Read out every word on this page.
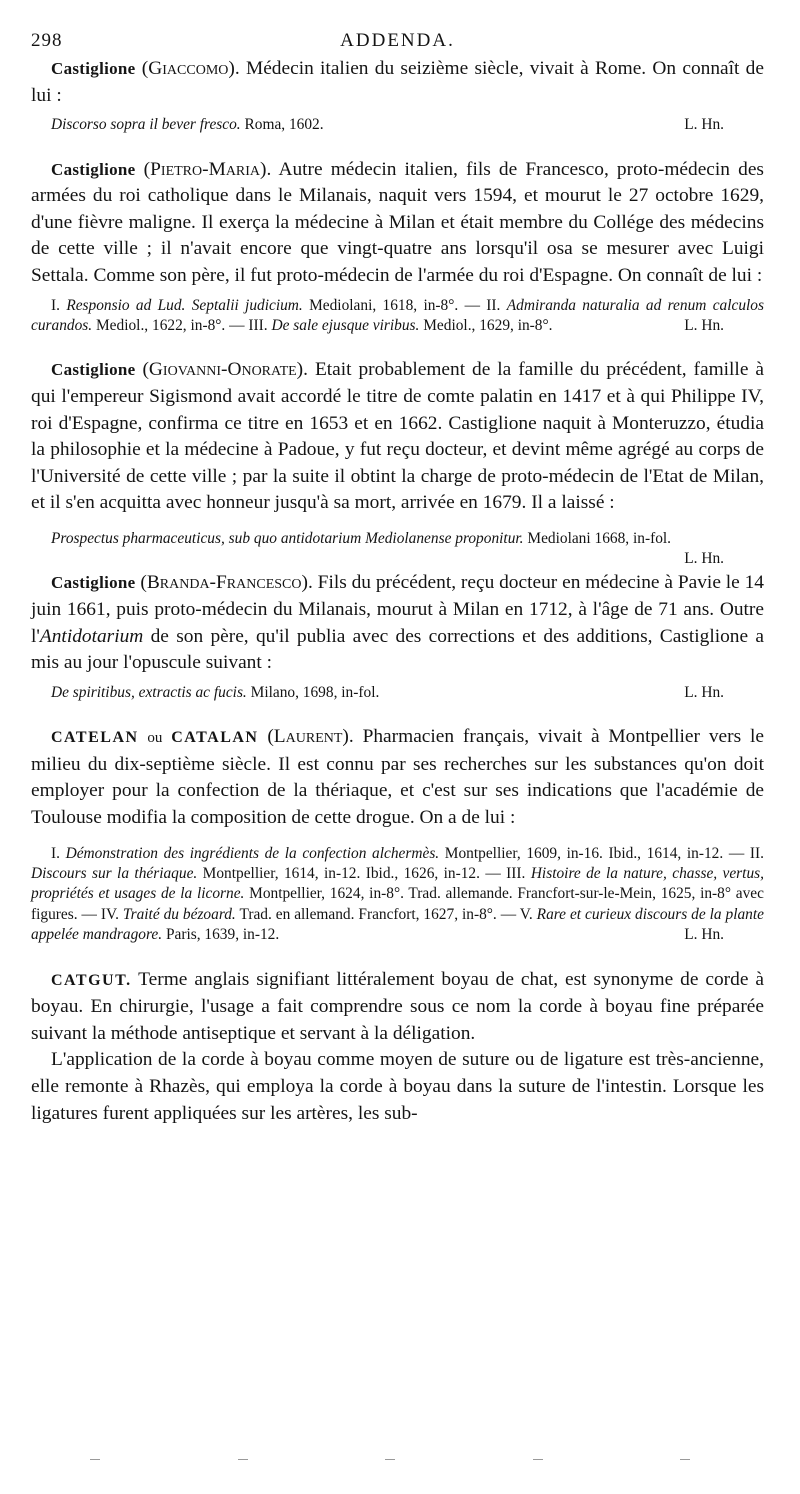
298	ADDENDA.

Castiglione (Giaccomo). Médecin italien du seizième siècle, vivait à Rome. On connaît de lui :

Discorso sopra il bever fresco. Roma, 1602.	L. Hn.

Castiglione (Pietro-Maria). Autre médecin italien, fils de Francesco, proto-médecin des armées du roi catholique dans le Milanais, naquit vers 1594, et mourut le 27 octobre 1629, d'une fièvre maligne. Il exerça la médecine à Milan et était membre du Collége des médecins de cette ville ; il n'avait encore que vingt-quatre ans lorsqu'il osa se mesurer avec Luigi Settala. Comme son père, il fut proto-médecin de l'armée du roi d'Espagne. On connaît de lui :

I. Responsio ad Lud. Septalii judicium. Mediolani, 1618, in-8°. — II. Admiranda naturalia ad renum calculos curandos. Mediol., 1622, in-8°. — III. De sale ejusque viribus. Mediol., 1629, in-8°.	L. Hn.

Castiglione (Giovanni-Onorate). Etait probablement de la famille du précédent, famille à qui l'empereur Sigismond avait accordé le titre de comte palatin en 1417 et à qui Philippe IV, roi d'Espagne, confirma ce titre en 1653 et en 1662. Castiglione naquit à Monteruzzo, étudia la philosophie et la médecine à Padoue, y fut reçu docteur, et devint même agrégé au corps de l'Université de cette ville ; par la suite il obtint la charge de proto-médecin de l'Etat de Milan, et il s'en acquitta avec honneur jusqu'à sa mort, arrivée en 1679. Il a laissé :

Prospectus pharmaceuticus, sub quo antidotarium Mediolanense proponitur. Mediolani 1668, in-fol.
L. Hn.

Castiglione (Branda-Francesco). Fils du précédent, reçu docteur en médecine à Pavie le 14 juin 1661, puis proto-médecin du Milanais, mourut à Milan en 1712, à l'âge de 71 ans. Outre l'Antidotarium de son père, qu'il publia avec des corrections et des additions, Castiglione a mis au jour l'opuscule suivant :

De spiritibus, extractis ac fucis. Milano, 1698, in-fol.	L. Hn.

CATELAN ou CATALAN (Laurent). Pharmacien français, vivait à Montpellier vers le milieu du dix-septième siècle. Il est connu par ses recherches sur les substances qu'on doit employer pour la confection de la thériaque, et c'est sur ses indications que l'académie de Toulouse modifia la composition de cette drogue. On a de lui :

I. Démonstration des ingrédients de la confection alchermès. Montpellier, 1609, in-16. Ibid., 1614, in-12. — II. Discours sur la thériaque. Montpellier, 1614, in-12. Ibid., 1626, in-12. — III. Histoire de la nature, chasse, vertus, propriétés et usages de la licorne. Montpellier, 1624, in-8°. Trad. allemande. Francfort-sur-le-Mein, 1625, in-8° avec figures. — IV. Traité du bézoard. Trad. en allemand. Francfort, 1627, in-8°. — V. Rare et curieux discours de la plante appelée mandragore. Paris, 1639, in-12.	L. Hn.

CATGUT. Terme anglais signifiant littéralement boyau de chat, est synonyme de corde à boyau. En chirurgie, l'usage a fait comprendre sous ce nom la corde à boyau fine préparée suivant la méthode antiseptique et servant à la déligation.

L'application de la corde à boyau comme moyen de suture ou de ligature est très-ancienne, elle remonte à Rhazès, qui employa la corde à boyau dans la suture de l'intestin. Lorsque les ligatures furent appliquées sur les artères, les sub-
